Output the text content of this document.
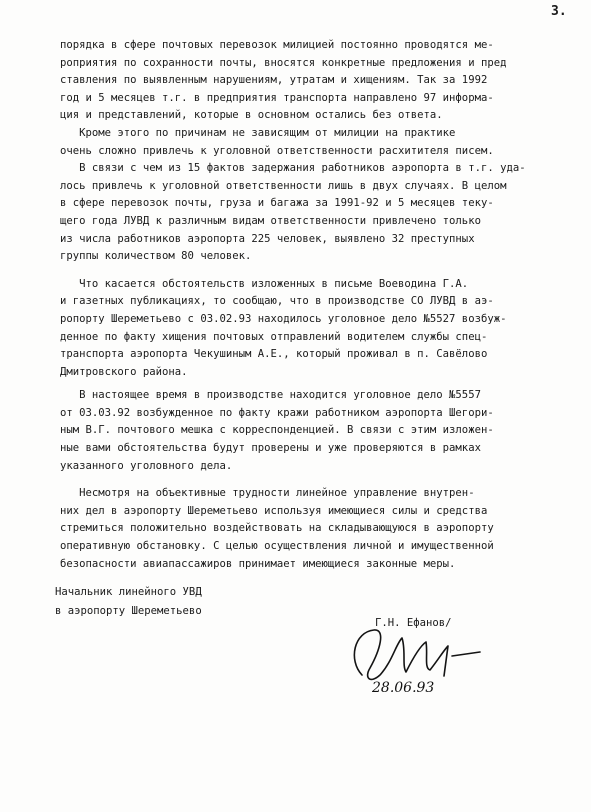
3.
порядка в сфере почтовых перевозок милицией постоянно проводятся ме-
роприятия по сохранности почты, вносятся конкретные предложения и пред
ставления по выявленным нарушениям, утратам и хищениям. Так за 1992
год и 5 месяцев т.г. в предприятия транспорта направлено 97 информа-
ция и представлений, которые в основном остались без ответа.
Кроме этого по причинам не зависящим от милиции на практике
очень сложно привлечь к уголовной ответственности расхитителя писем.
В связи с чем из 15 фактов задержания работников аэропорта в т.г. уда-
лось привлечь к уголовной ответственности лишь в двух случаях. В целом
в сфере перевозок почты, грузa и багажа за 1991-92 и 5 месяцев теку-
щего года ЛУВД к различным видам ответственности привлечено только
из числа работников аэропорта 225 человек, выявлено 32 преступных
группы количеством 80 человек.
Что касается обстоятельств изложенных в письме Воеводина Г.А.
и газетных публикациях, то сообщаю, что в производстве СО ЛУВД в аэ-
ропорту Шереметьево с 03.02.93 находилось уголовное дело №5527 возбуж-
денное по факту хищения почтовых отправлений водителем службы спец-
транспорта аэропорта Чекушиным А.Е., который проживал в п. Савёлово
Дмитровского района.
В настоящее время в производстве находится уголовное дело №5557
от 03.03.92 возбужденное по факту кражи работником аэропорта Шегори-
ным В.Г. почтового мешка с корреспонденцией. В связи с этим изложен-
ные вами обстоятельства будут проверены и уже проверяются в рамках
указанного уголовного дела.
Несмотря на объективные трудности линейное управление внутрен-
них дел в аэропорту Шереметьево используя имеющиеся силы и средства
стремиться положительно воздействовать на складывающуюся в аэропорту
оперативную обстановку. С целью осуществления личной и имущественной
безопасности авиапассажиров принимает имеющиеся законные меры.
Начальник линейного УВД
в аэропорту Шереметьево
Г.Н. Ефанов/
28.06.93
